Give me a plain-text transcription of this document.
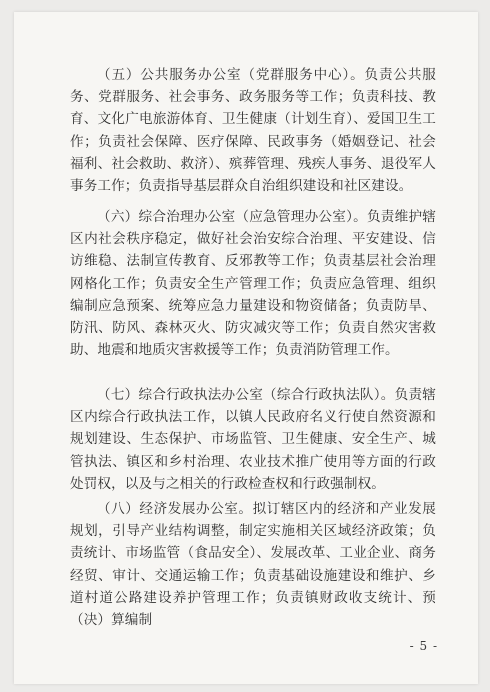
（五）公共服务办公室（党群服务中心）。负责公共服务、党群服务、社会事务、政务服务等工作；负责科技、教育、文化广电旅游体育、卫生健康（计划生育）、爱国卫生工作；负责社会保障、医疗保障、民政事务（婚姻登记、社会福利、社会救助、救济）、殡葬管理、残疾人事务、退役军人事务工作；负责指导基层群众自治组织建设和社区建设。

（六）综合治理办公室（应急管理办公室）。负责维护辖区内社会秩序稳定，做好社会治安综合治理、平安建设、信访维稳、法制宣传教育、反邪教等工作；负责基层社会治理网格化工作；负责安全生产管理工作；负责应急管理、组织编制应急预案、统筹应急力量建设和物资储备；负责防旱、防汛、防风、森林灭火、防灾减灾等工作；负责自然灾害救助、地震和地质灾害救援等工作；负责消防管理工作。

（七）综合行政执法办公室（综合行政执法队）。负责辖区内综合行政执法工作，以镇人民政府名义行使自然资源和规划建设、生态保护、市场监管、卫生健康、安全生产、城管执法、镇区和乡村治理、农业技术推广使用等方面的行政处罚权，以及与之相关的行政检查权和行政强制权。

（八）经济发展办公室。拟订辖区内的经济和产业发展规划，引导产业结构调整，制定实施相关区域经济政策；负责统计、市场监管（食品安全）、发展改革、工业企业、商务经贸、审计、交通运输工作；负责基础设施建设和维护、乡道村道公路建设养护管理工作；负责镇财政收支统计、预（决）算编制

- 5 -
